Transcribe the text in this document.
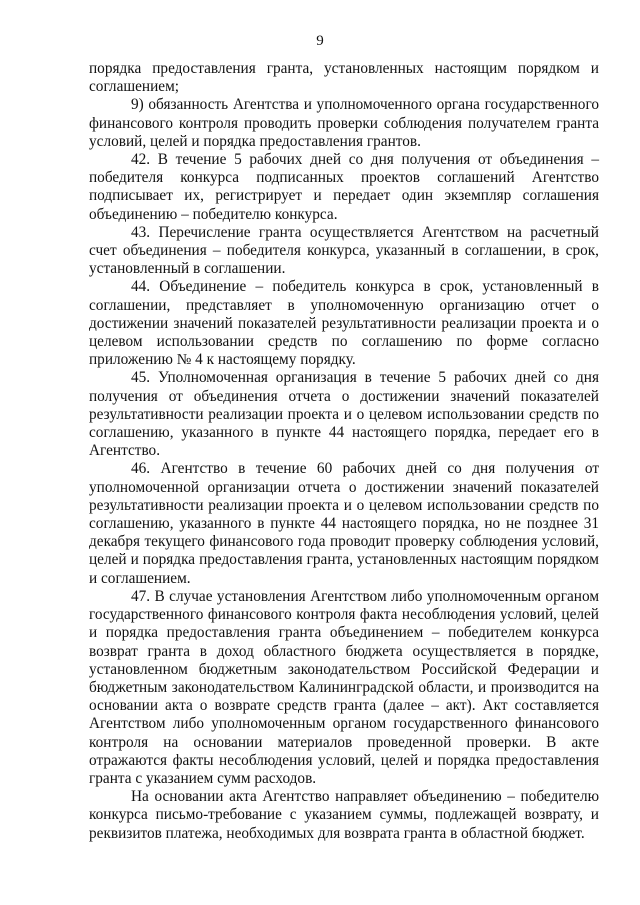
9

порядка предоставления гранта, установленных настоящим порядком и соглашением;

9) обязанность Агентства и уполномоченного органа государственного финансового контроля проводить проверки соблюдения получателем гранта условий, целей и порядка предоставления грантов.

42. В течение 5 рабочих дней со дня получения от объединения – победителя конкурса подписанных проектов соглашений Агентство подписывает их, регистрирует и передает один экземпляр соглашения объединению – победителю конкурса.

43. Перечисление гранта осуществляется Агентством на расчетный счет объединения – победителя конкурса, указанный в соглашении, в срок, установленный в соглашении.

44. Объединение – победитель конкурса в срок, установленный в соглашении, представляет в уполномоченную организацию отчет о достижении значений показателей результативности реализации проекта и о целевом использовании средств по соглашению по форме согласно приложению № 4 к настоящему порядку.

45. Уполномоченная организация в течение 5 рабочих дней со дня получения от объединения отчета о достижении значений показателей результативности реализации проекта и о целевом использовании средств по соглашению, указанного в пункте 44 настоящего порядка, передает его в Агентство.

46. Агентство в течение 60 рабочих дней со дня получения от уполномоченной организации отчета о достижении значений показателей результативности реализации проекта и о целевом использовании средств по соглашению, указанного в пункте 44 настоящего порядка, но не позднее 31 декабря текущего финансового года проводит проверку соблюдения условий, целей и порядка предоставления гранта, установленных настоящим порядком и соглашением.

47. В случае установления Агентством либо уполномоченным органом государственного финансового контроля факта несоблюдения условий, целей и порядка предоставления гранта объединением – победителем конкурса возврат гранта в доход областного бюджета осуществляется в порядке, установленном бюджетным законодательством Российской Федерации и бюджетным законодательством Калининградской области, и производится на основании акта о возврате средств гранта (далее – акт). Акт составляется Агентством либо уполномоченным органом государственного финансового контроля на основании материалов проведенной проверки. В акте отражаются факты несоблюдения условий, целей и порядка предоставления гранта с указанием сумм расходов.

На основании акта Агентство направляет объединению – победителю конкурса письмо-требование с указанием суммы, подлежащей возврату, и реквизитов платежа, необходимых для возврата гранта в областной бюджет.
